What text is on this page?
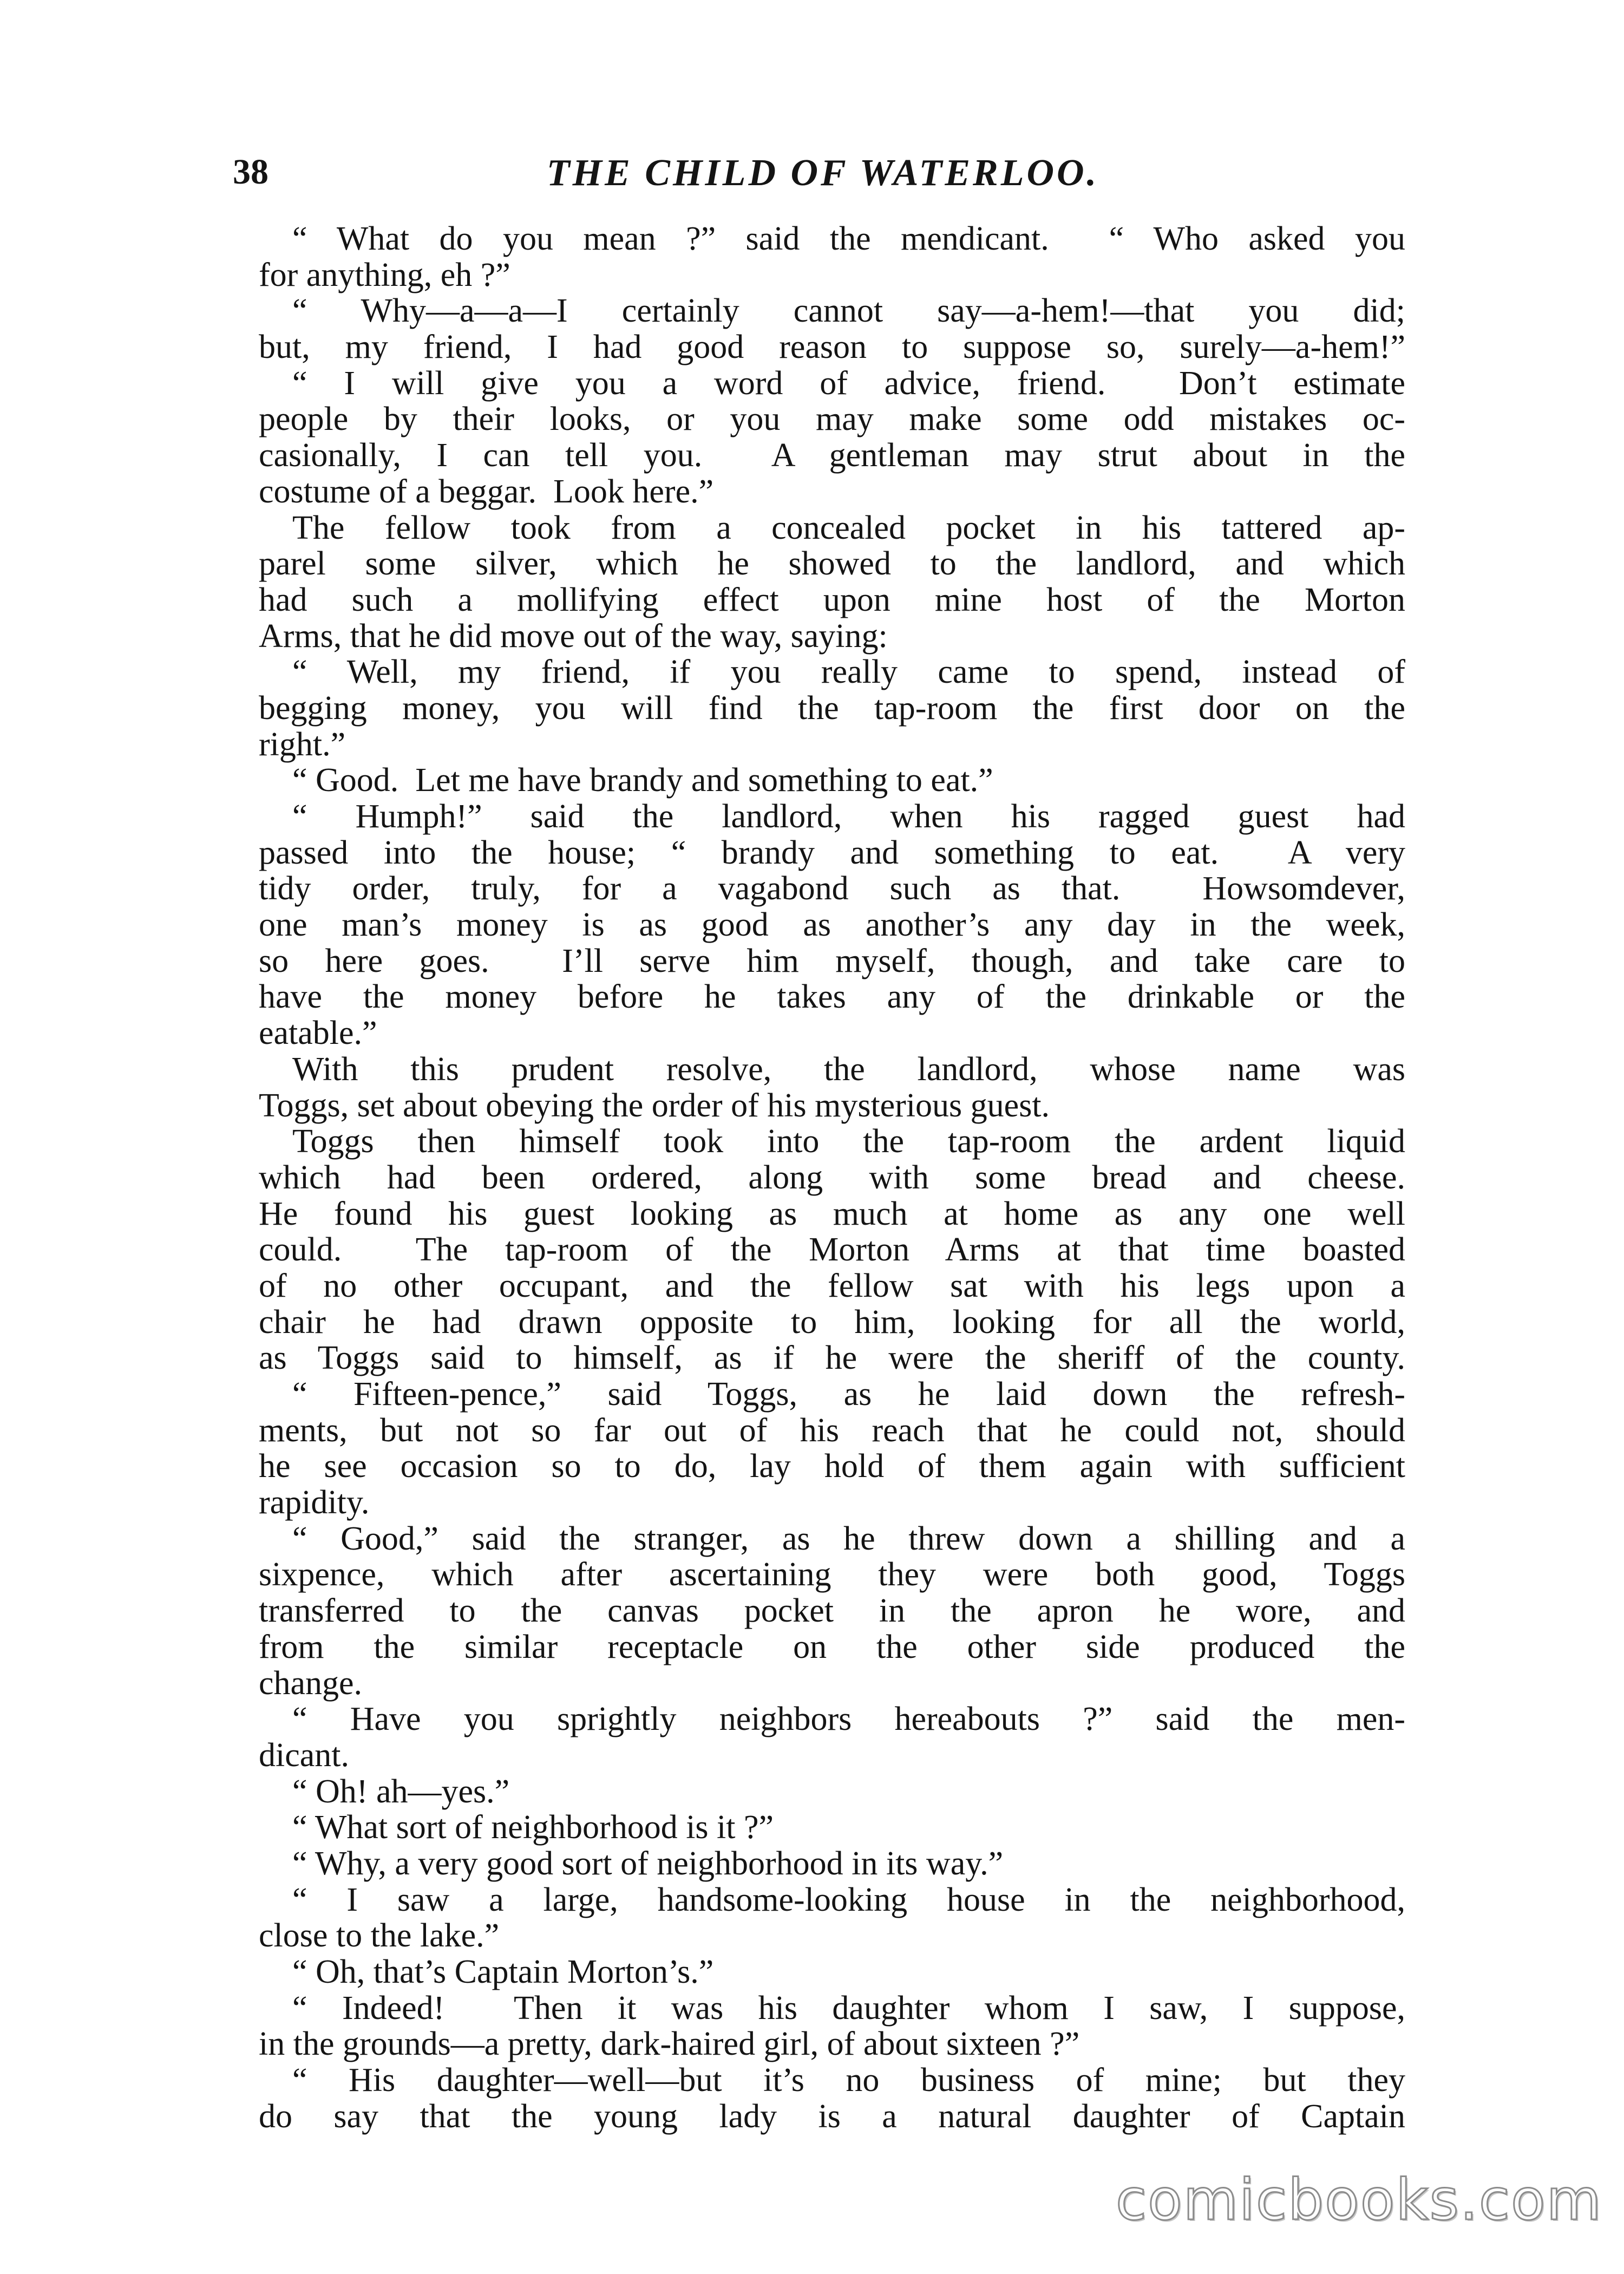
38	THE CHILD OF WATERLOO.
“ What do you mean ?” said the mendicant.  “ Who asked you
for anything, eh ?”
“ Why—a—a—I certainly cannot say—a-hem!—that you did;
but, my friend, I had good reason to suppose so, surely—a-hem!”
“ I will give you a word of advice, friend.  Don’t estimate
people by their looks, or you may make some odd mistakes oc-
casionally, I can tell you.  A gentleman may strut about in the
costume of a beggar.  Look here.”
The fellow took from a concealed pocket in his tattered ap-
parel some silver, which he showed to the landlord, and which
had such a mollifying effect upon mine host of the Morton
Arms, that he did move out of the way, saying:
“ Well, my friend, if you really came to spend, instead of
begging money, you will find the tap-room the first door on the
right.”
“ Good.  Let me have brandy and something to eat.”
“ Humph!” said the landlord, when his ragged guest had
passed into the house; “ brandy and something to eat.  A very
tidy order, truly, for a vagabond such as that.  Howsomdever,
one man’s money is as good as another’s any day in the week,
so here goes.  I’ll serve him myself, though, and take care to
have the money before he takes any of the drinkable or the
eatable.”
With this prudent resolve, the landlord, whose name was
Toggs, set about obeying the order of his mysterious guest.
Toggs then himself took into the tap-room the ardent liquid
which had been ordered, along with some bread and cheese.
He found his guest looking as much at home as any one well
could.  The tap-room of the Morton Arms at that time boasted
of no other occupant, and the fellow sat with his legs upon a
chair he had drawn opposite to him, looking for all the world,
as Toggs said to himself, as if he were the sheriff of the county.
“ Fifteen-pence,” said Toggs, as he laid down the refresh-
ments, but not so far out of his reach that he could not, should
he see occasion so to do, lay hold of them again with sufficient
rapidity.
“ Good,” said the stranger, as he threw down a shilling and a
sixpence, which after ascertaining they were both good, Toggs
transferred to the canvas pocket in the apron he wore, and
from the similar receptacle on the other side produced the
change.
“ Have you sprightly neighbors hereabouts ?” said the men-
dicant.
“ Oh! ah—yes.”
“ What sort of neighborhood is it ?”
“ Why, a very good sort of neighborhood in its way.”
“ I saw a large, handsome-looking house in the neighborhood,
close to the lake.”
“ Oh, that’s Captain Morton’s.”
“ Indeed!  Then it was his daughter whom I saw, I suppose,
in the grounds—a pretty, dark-haired girl, of about sixteen ?”
“ His daughter—well—but it’s no business of mine; but they
do say that the young lady is a natural daughter of Captain
comicbooks.com
